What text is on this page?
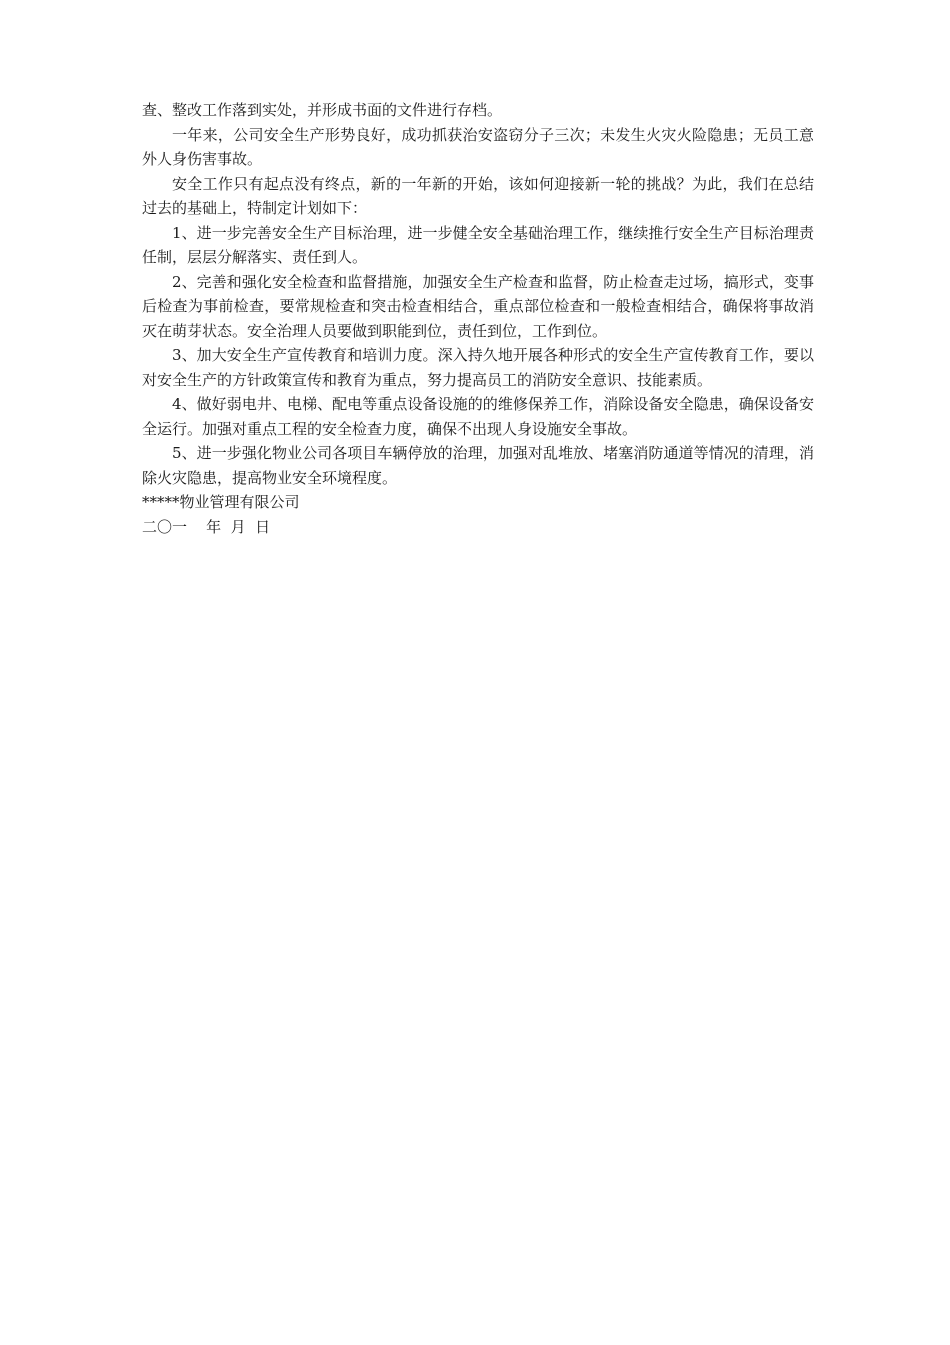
查、整改工作落到实处，并形成书面的文件进行存档。

一年来，公司安全生产形势良好，成功抓获治安盗窃分子三次；未发生火灾火险隐患；无员工意外人身伤害事故。

安全工作只有起点没有终点，新的一年新的开始，该如何迎接新一轮的挑战？为此，我们在总结过去的基础上，特制定计划如下：

1、进一步完善安全生产目标治理，进一步健全安全基础治理工作，继续推行安全生产目标治理责任制，层层分解落实、责任到人。

2、完善和强化安全检查和监督措施，加强安全生产检查和监督，防止检查走过场，搞形式，变事后检查为事前检查，要常规检查和突击检查相结合，重点部位检查和一般检查相结合，确保将事故消灭在萌芽状态。安全治理人员要做到职能到位，责任到位，工作到位。

3、加大安全生产宣传教育和培训力度。深入持久地开展各种形式的安全生产宣传教育工作，要以对安全生产的方针政策宣传和教育为重点，努力提高员工的消防安全意识、技能素质。

4、做好弱电井、电梯、配电等重点设备设施的的维修保养工作，消除设备安全隐患，确保设备安全运行。加强对重点工程的安全检查力度，确保不出现人身设施安全事故。

5、进一步强化物业公司各项目车辆停放的治理，加强对乱堆放、堵塞消防通道等情况的清理，消除火灾隐患，提高物业安全环境程度。

*****物业管理有限公司

二〇一    年  月  日
